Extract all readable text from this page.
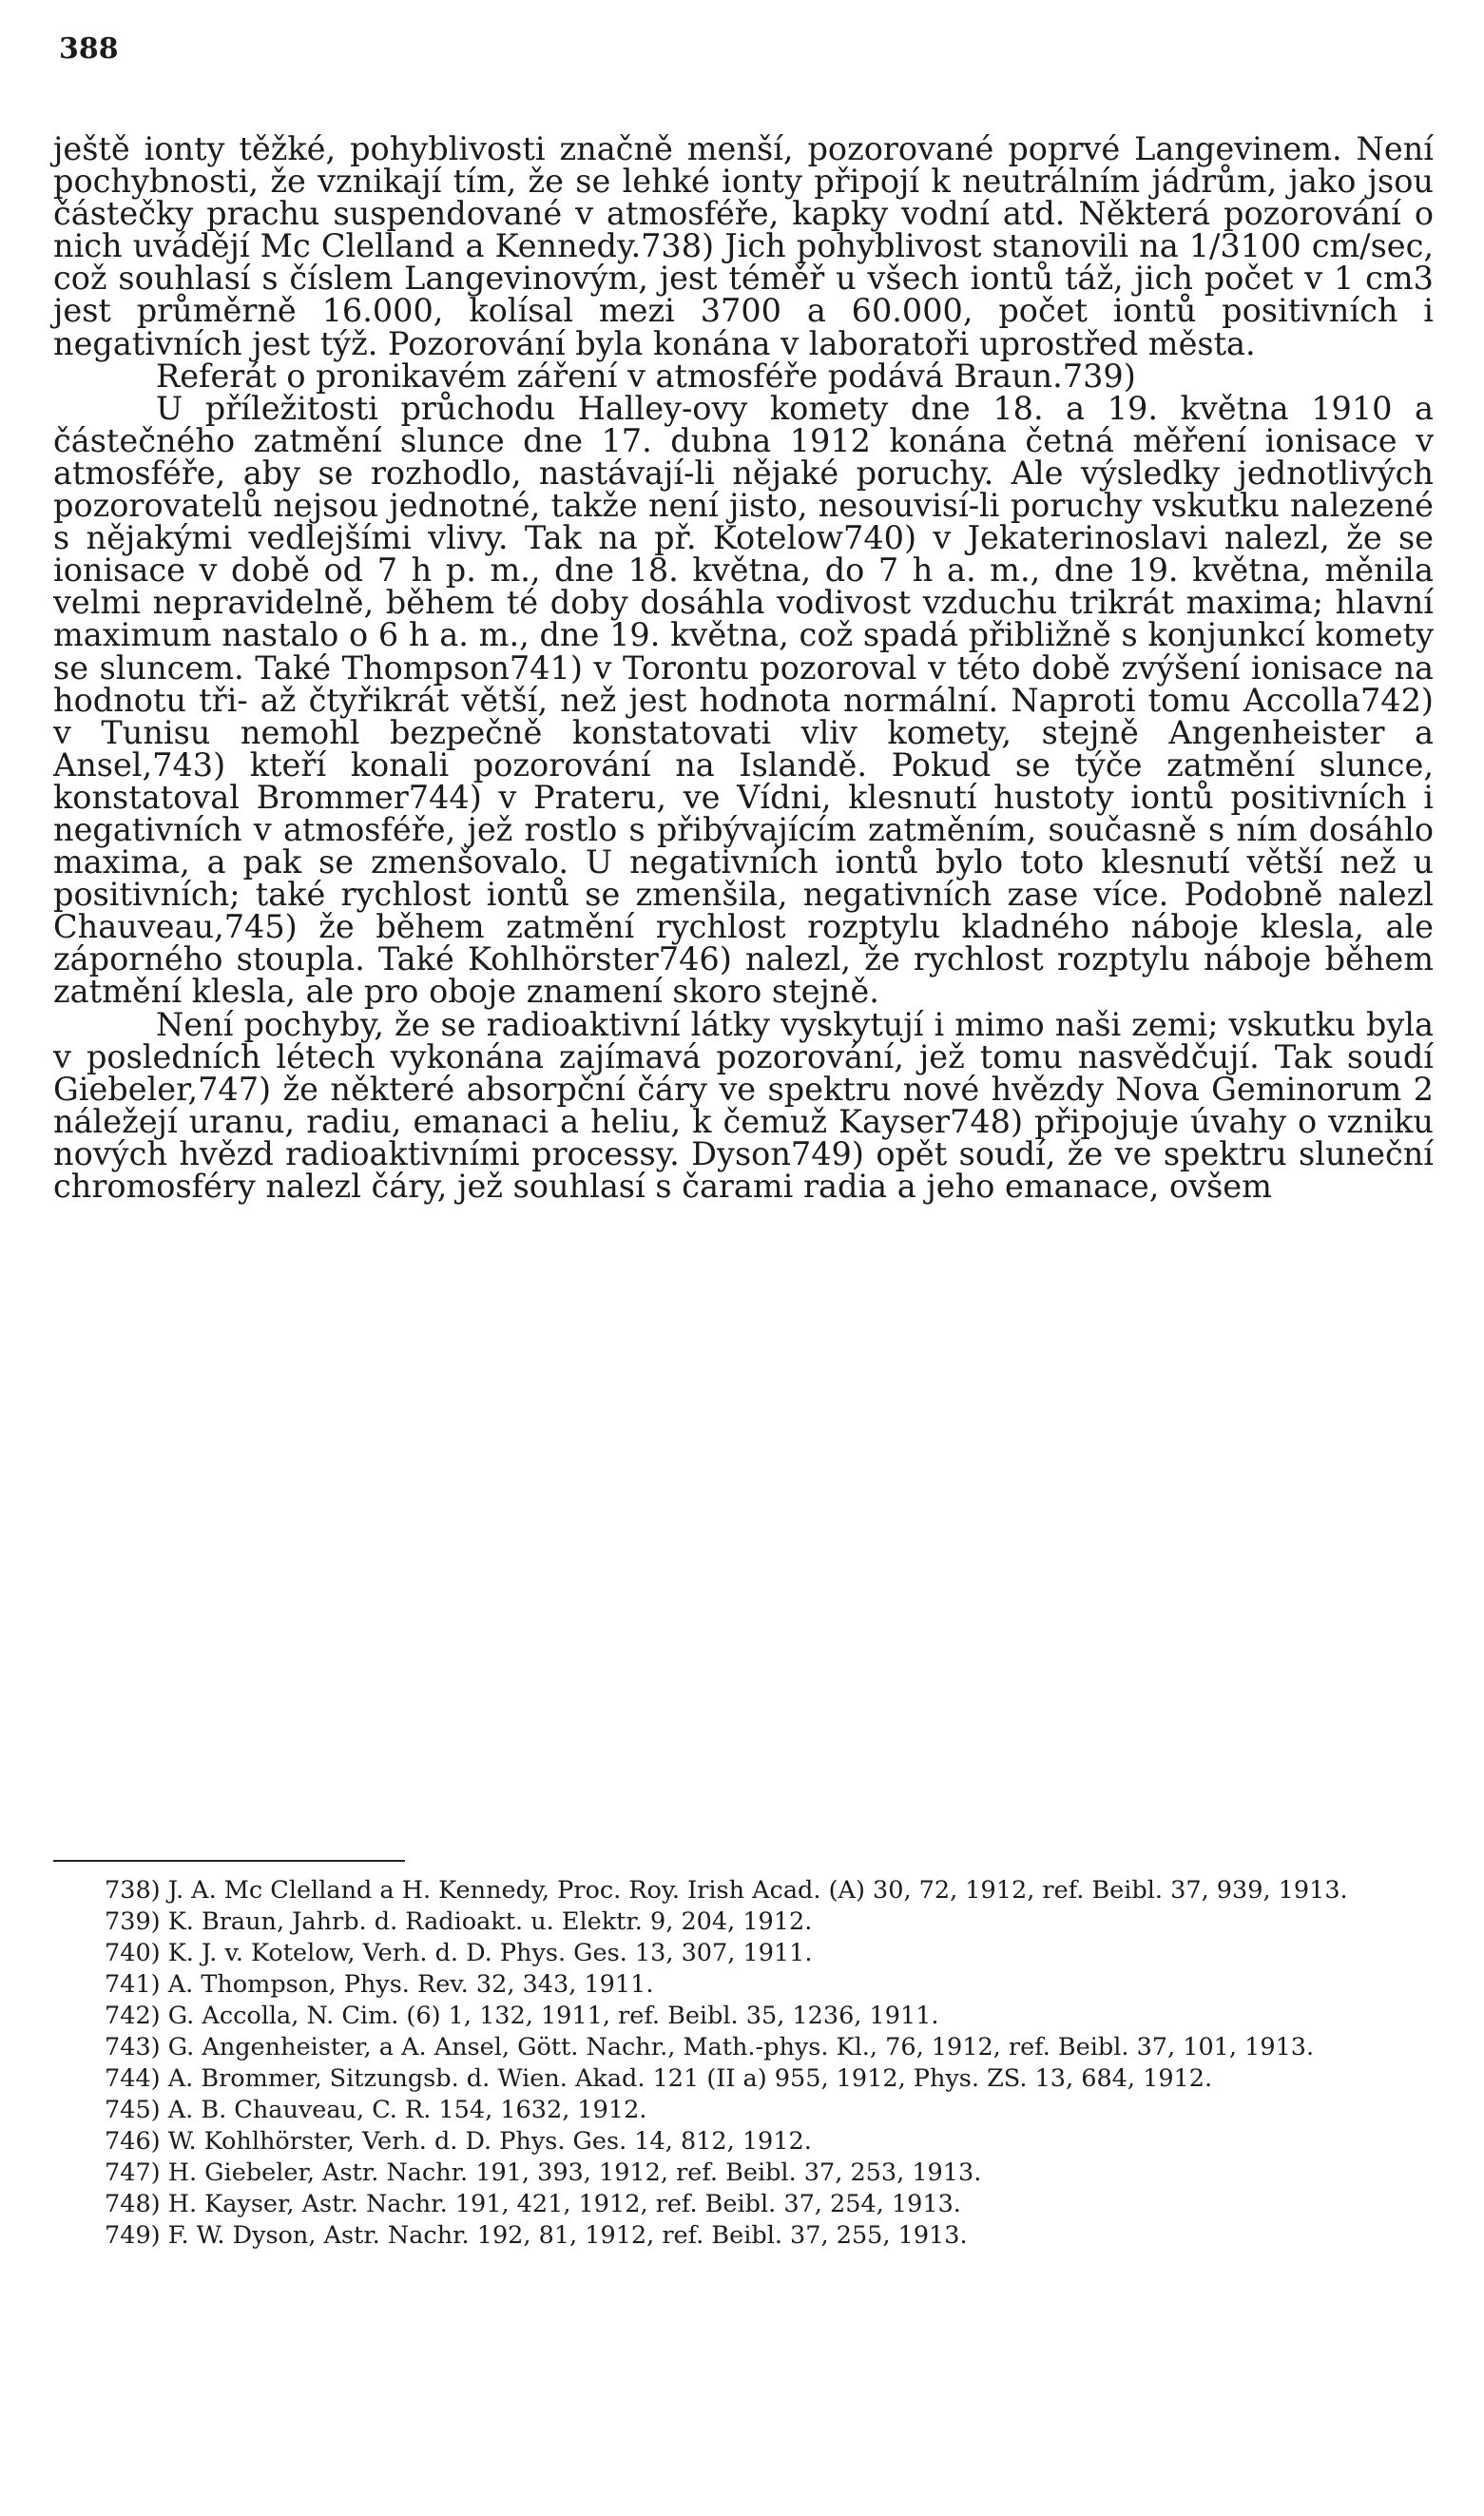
388

ještě ionty těžké, pohyblivosti značně menší, pozorované poprvé Langevinem. Není pochybnosti, že vznikají tím, že se lehké ionty připojí k neutrálním jádrům, jako jsou částečky prachu suspendované v atmosféře, kapky vodní atd. Některá pozorování o nich uvádějí Mc Clelland a Kennedy.738) Jich pohyblivost stanovili na 1/3100 cm/sec, což souhlasí s číslem Langevinovým, jest téměř u všech iontů táž, jich počet v 1 cm3 jest průměrně 16.000, kolísal mezi 3700 a 60.000, počet iontů positivních i negativních jest týž. Pozorování byla konána v laboratoři uprostřed města.

Referát o pronikavém záření v atmosféře podává Braun.739)

U příležitosti průchodu Halley-ovy komety dne 18. a 19. května 1910 a částečného zatmění slunce dne 17. dubna 1912 konána četná měření ionisace v atmosféře, aby se rozhodlo, nastávají-li nějaké poruchy. Ale výsledky jednotlivých pozorovatelů nejsou jednotné, takže není jisto, nesouvisí-li poruchy vskutku nalezené s nějakými vedlejšími vlivy. Tak na př. Kotelow740) v Jekaterinoslavi nalezl, že se ionisace v době od 7 h p. m., dne 18. května, do 7 h a. m., dne 19. května, měnila velmi nepravidelně, během té doby dosáhla vodivost vzduchu trikrát maxima; hlavní maximum nastalo o 6 h a. m., dne 19. května, což spadá přibližně s konjunkcí komety se sluncem. Také Thompson741) v Torontu pozoroval v této době zvýšení ionisace na hodnotu tři- až čtyřikrát větší, než jest hodnota normální. Naproti tomu Accolla742) v Tunisu nemohl bezpečně konstatovati vliv komety, stejně Angenheister a Ansel,743) kteří konali pozorování na Islandě. Pokud se týče zatmění slunce, konstatoval Brommer744) v Prateru, ve Vídni, klesnutí hustoty iontů positivních i negativních v atmosféře, jež rostlo s přibývajícím zatměním, současně s ním dosáhlo maxima, a pak se zmenšovalo. U negativních iontů bylo toto klesnutí větší než u positivních; také rychlost iontů se zmenšila, negativních zase více. Podobně nalezl Chauveau,745) že během zatmění rychlost rozptylu kladného náboje klesla, ale záporného stoupla. Také Kohlhörster746) nalezl, že rychlost rozptylu náboje během zatmění klesla, ale pro oboje znamení skoro stejně.

Není pochyby, že se radioaktivní látky vyskytují i mimo naši zemi; vskutku byla v posledních létech vykonána zajímavá pozorování, jež tomu nasvědčují. Tak soudí Giebeler,747) že některé absorpční čáry ve spektru nové hvězdy Nova Geminorum 2 náležejí uranu, radiu, emanaci a heliu, k čemuž Kayser748) připojuje úvahy o vzniku nových hvězd radioaktivními processy. Dyson749) opět soudí, že ve spektru sluneční chromosféry nalezl čáry, jež souhlasí s čarami radia a jeho emanace, ovšem

738) J. A. Mc Clelland a H. Kennedy, Proc. Roy. Irish Acad. (A) 30, 72, 1912, ref. Beibl. 37, 939, 1913.

739) K. Braun, Jahrb. d. Radioakt. u. Elektr. 9, 204, 1912.

740) K. J. v. Kotelow, Verh. d. D. Phys. Ges. 13, 307, 1911.

741) A. Thompson, Phys. Rev. 32, 343, 1911.

742) G. Accolla, N. Cim. (6) 1, 132, 1911, ref. Beibl. 35, 1236, 1911.

743) G. Angenheister, a A. Ansel, Gött. Nachr., Math.-phys. Kl., 76, 1912, ref. Beibl. 37, 101, 1913.

744) A. Brommer, Sitzungsb. d. Wien. Akad. 121 (II a) 955, 1912, Phys. ZS. 13, 684, 1912.

745) A. B. Chauveau, C. R. 154, 1632, 1912.

746) W. Kohlhörster, Verh. d. D. Phys. Ges. 14, 812, 1912.

747) H. Giebeler, Astr. Nachr. 191, 393, 1912, ref. Beibl. 37, 253, 1913.

748) H. Kayser, Astr. Nachr. 191, 421, 1912, ref. Beibl. 37, 254, 1913.

749) F. W. Dyson, Astr. Nachr. 192, 81, 1912, ref. Beibl. 37, 255, 1913.
